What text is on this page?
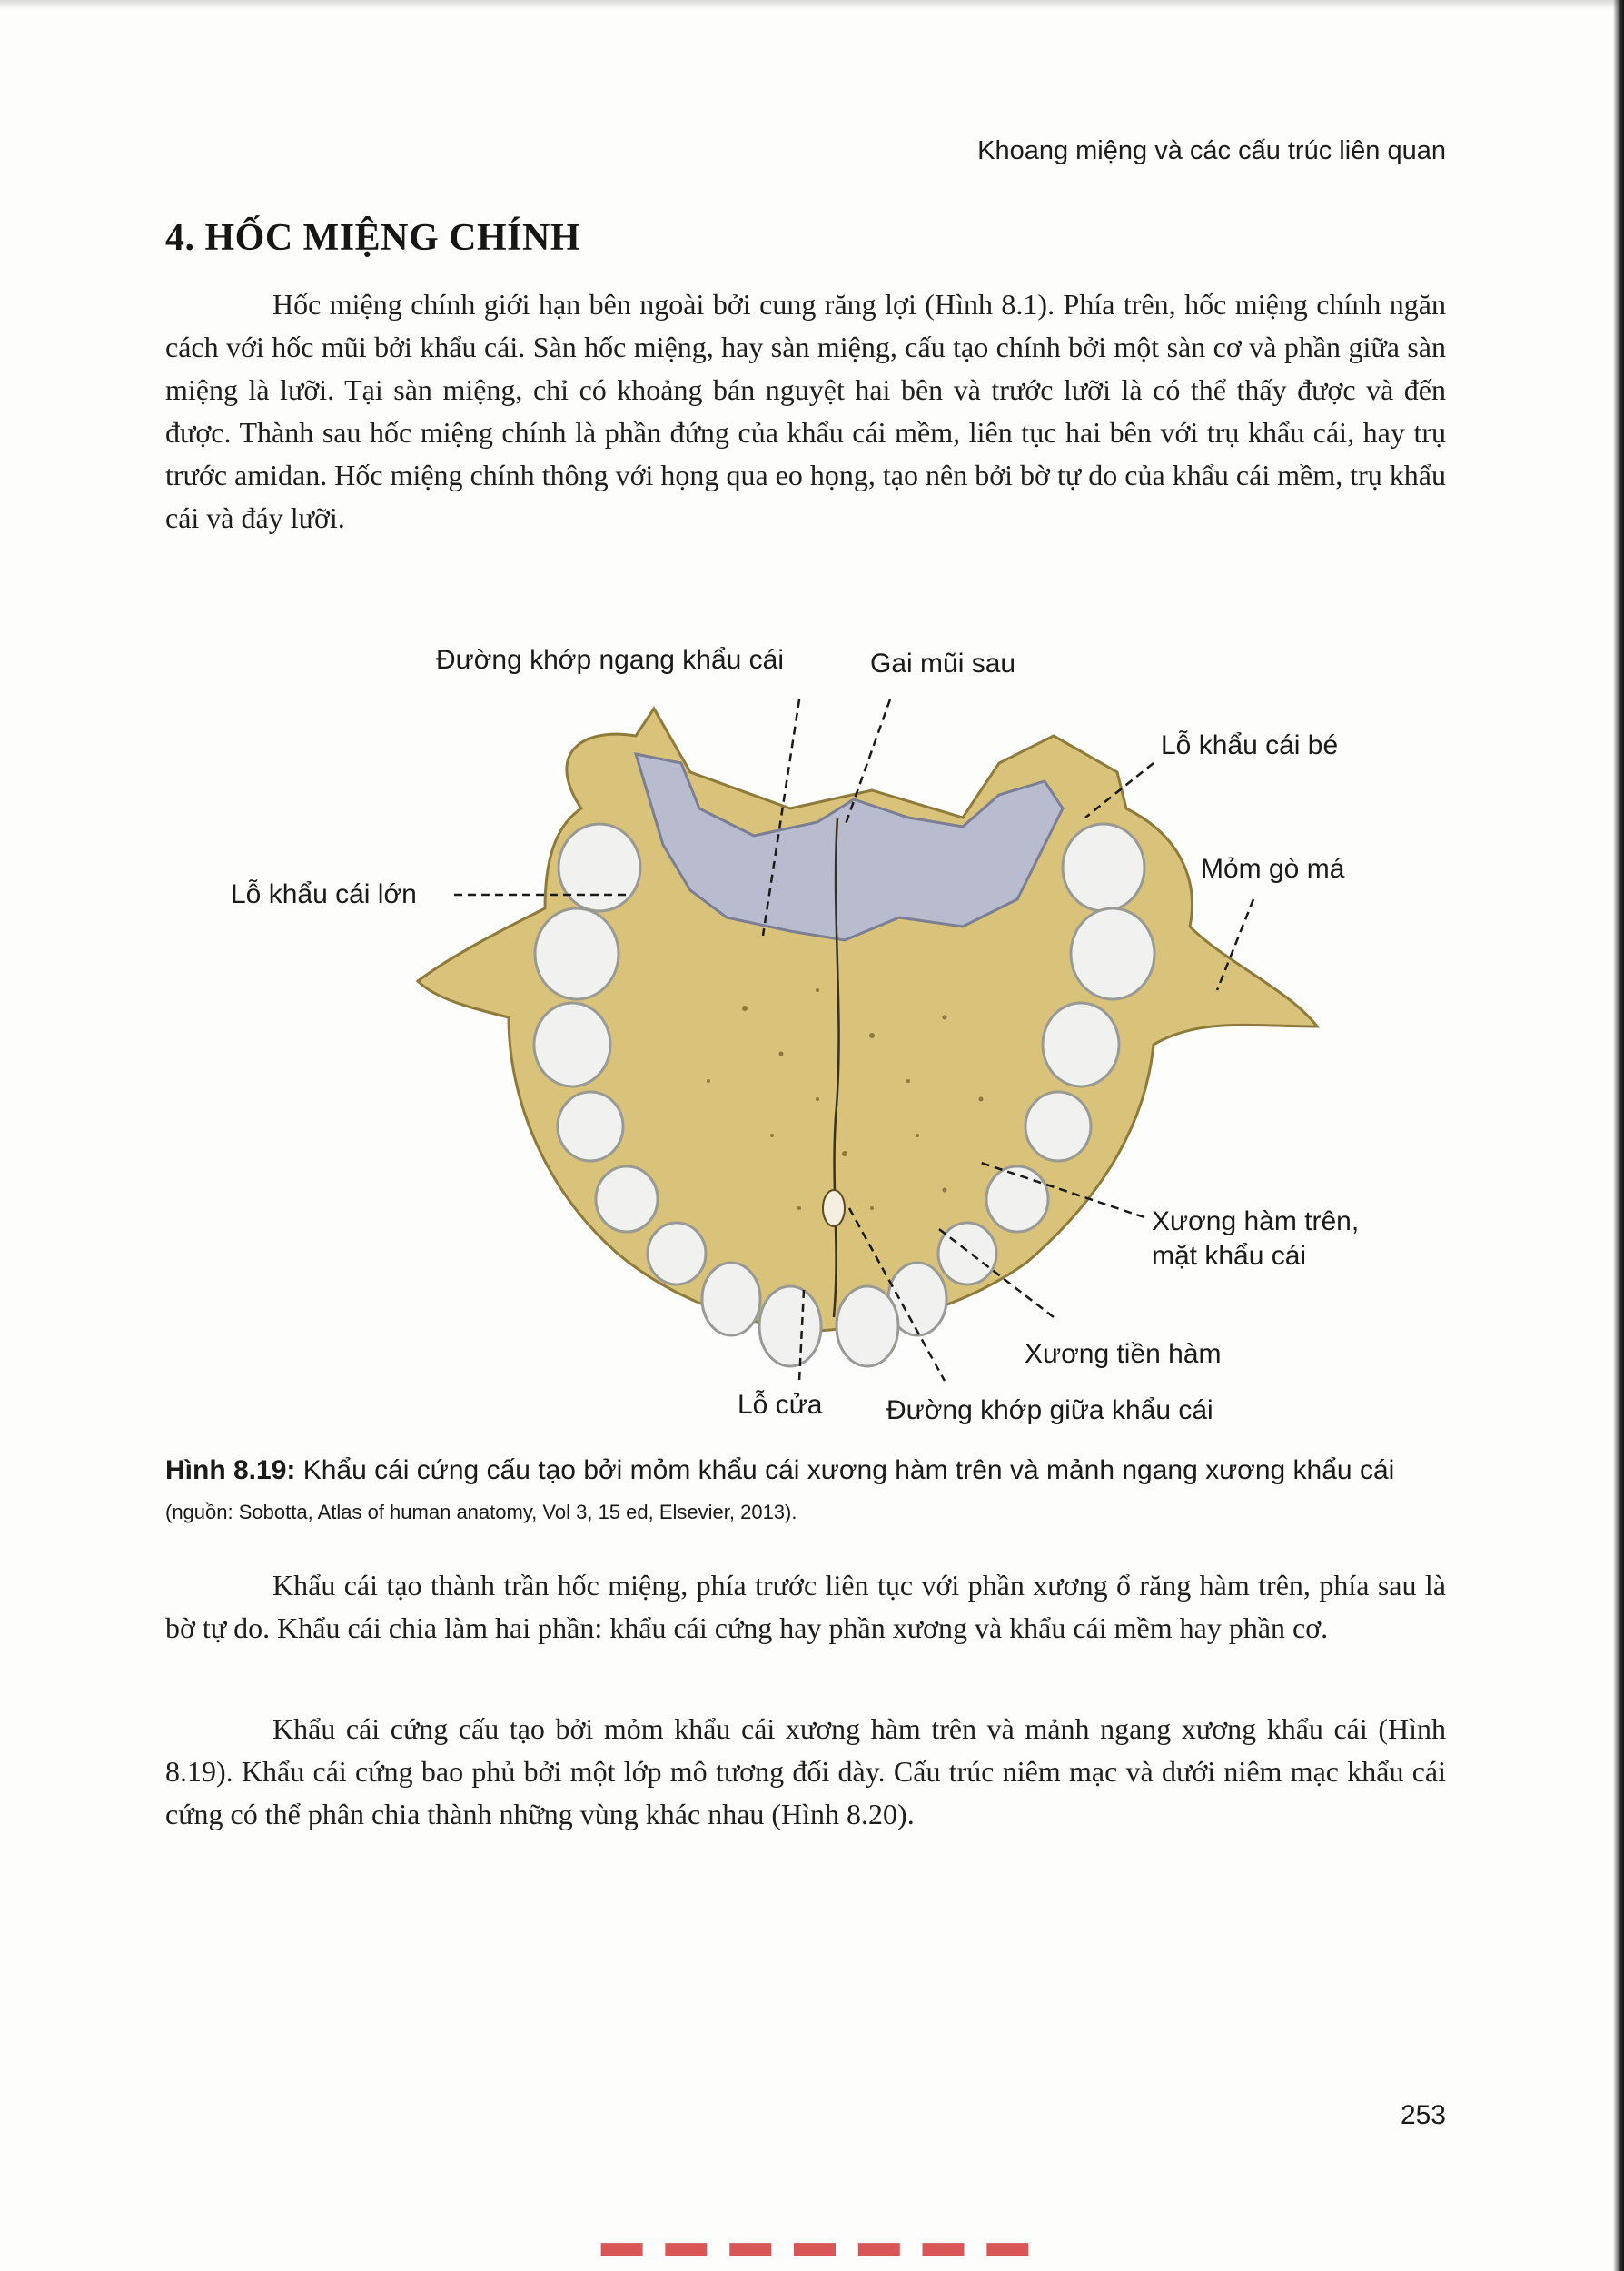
Khoang miệng và các cấu trúc liên quan
4. HỐC MIỆNG CHÍNH

Hốc miệng chính giới hạn bên ngoài bởi cung răng lợi (Hình 8.1). Phía trên, hốc miệng chính ngăn cách với hốc mũi bởi khẩu cái. Sàn hốc miệng, hay sàn miệng, cấu tạo chính bởi một sàn cơ và phần giữa sàn miệng là lưỡi. Tại sàn miệng, chỉ có khoảng bán nguyệt hai bên và trước lưỡi là có thể thấy được và đến được. Thành sau hốc miệng chính là phần đứng của khẩu cái mềm, liên tục hai bên với trụ khẩu cái, hay trụ trước amidan. Hốc miệng chính thông với họng qua eo họng, tạo nên bởi bờ tự do của khẩu cái mềm, trụ khẩu cái và đáy lưỡi.

Đường khớp ngang khẩu cái	Gai mũi sau
Lỗ khẩu cái bé
Lỗ khẩu cái lớn
Mỏm gò má
Xương hàm trên,
mặt khẩu cái
Xương tiền hàm
Lỗ cửa Đường khớp giữa khẩu cái
Hình 8.19: Khẩu cái cứng cấu tạo bởi mỏm khẩu cái xương hàm trên và mảnh ngang xương khẩu cái (nguồn: Sobotta, Atlas of human anatomy, Vol 3, 15 ed, Elsevier, 2013).

Khẩu cái tạo thành trần hốc miệng, phía trước liên tục với phần xương ổ răng hàm trên, phía sau là bờ tự do. Khẩu cái chia làm hai phần: khẩu cái cứng hay phần xương và khẩu cái mềm hay phần cơ.

Khẩu cái cứng cấu tạo bởi mỏm khẩu cái xương hàm trên và mảnh ngang xương khẩu cái (Hình 8.19). Khẩu cái cứng bao phủ bởi một lớp mô tương đối dày. Cấu trúc niêm mạc và dưới niêm mạc khẩu cái cứng có thể phân chia thành những vùng khác nhau (Hình 8.20).

253
▬ ▬ ▬ ▬ ▬ ▬ ▬
